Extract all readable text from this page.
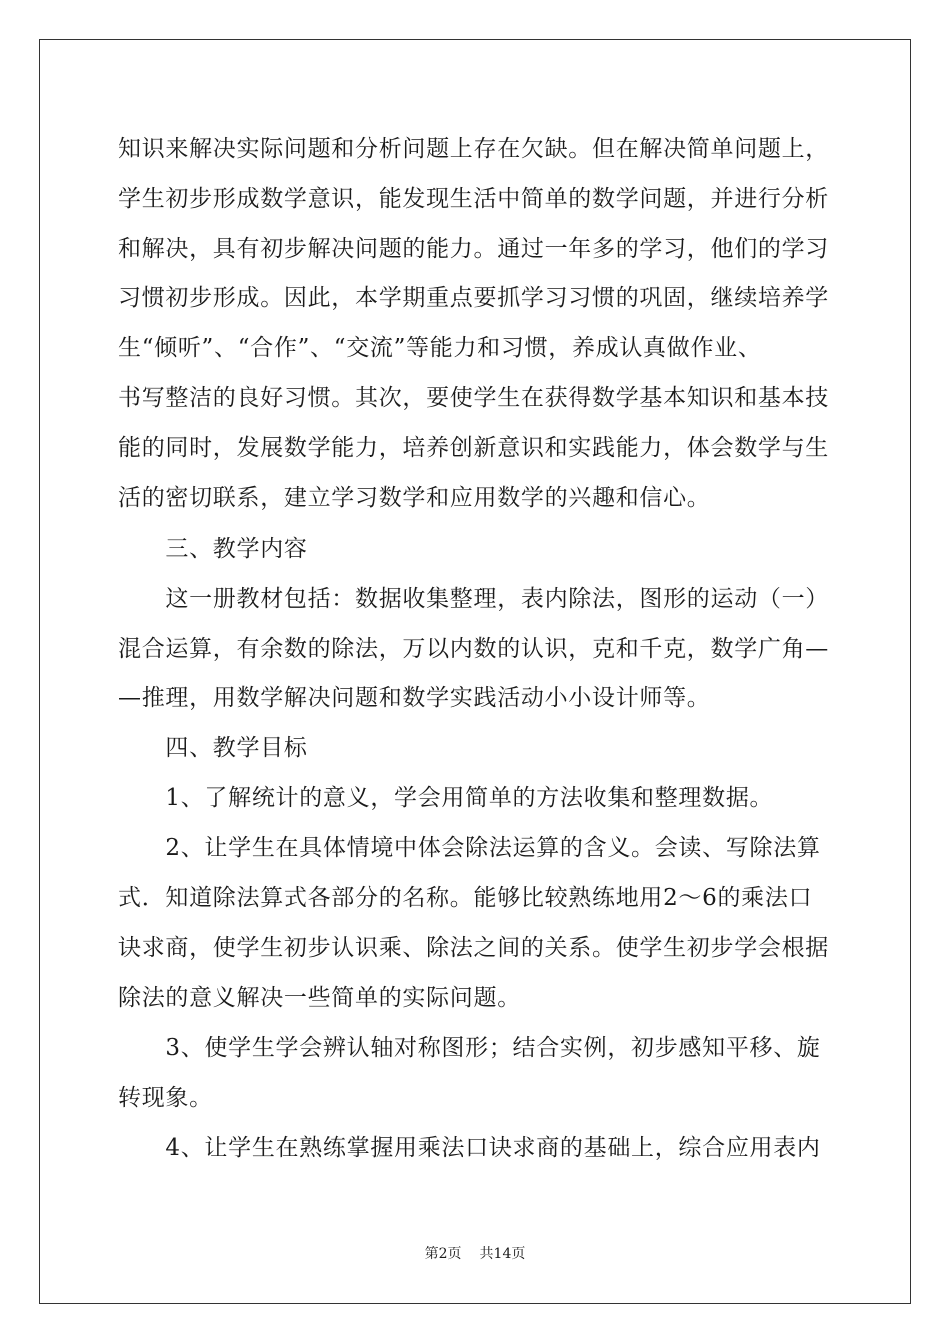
知识来解决实际问题和分析问题上存在欠缺。但在解决简单问题上，
学生初步形成数学意识，能发现生活中简单的数学问题，并进行分析
和解决，具有初步解决问题的能力。通过一年多的学习，他们的学习
习惯初步形成。因此，本学期重点要抓学习习惯的巩固，继续培养学
生“倾听”、“合作”、“交流”等能力和习惯，养成认真做作业、
书写整洁的良好习惯。其次，要使学生在获得数学基本知识和基本技
能的同时，发展数学能力，培养创新意识和实践能力，体会数学与生
活的密切联系，建立学习数学和应用数学的兴趣和信心。
　　三、教学内容
　　这一册教材包括：数据收集整理，表内除法，图形的运动（一）
混合运算，有余数的除法，万以内数的认识，克和千克，数学广角—
—推理，用数学解决问题和数学实践活动小小设计师等。
　　四、教学目标
　　1、了解统计的意义，学会用简单的方法收集和整理数据。
　　2、让学生在具体情境中体会除法运算的含义。会读、写除法算
式．知道除法算式各部分的名称。能够比较熟练地用2～6的乘法口
诀求商，使学生初步认识乘、除法之间的关系。使学生初步学会根据
除法的意义解决一些简单的实际问题。
　　3、使学生学会辨认轴对称图形；结合实例，初步感知平移、旋
转现象。
　　4、让学生在熟练掌握用乘法口诀求商的基础上，综合应用表内
第2页 共14页
